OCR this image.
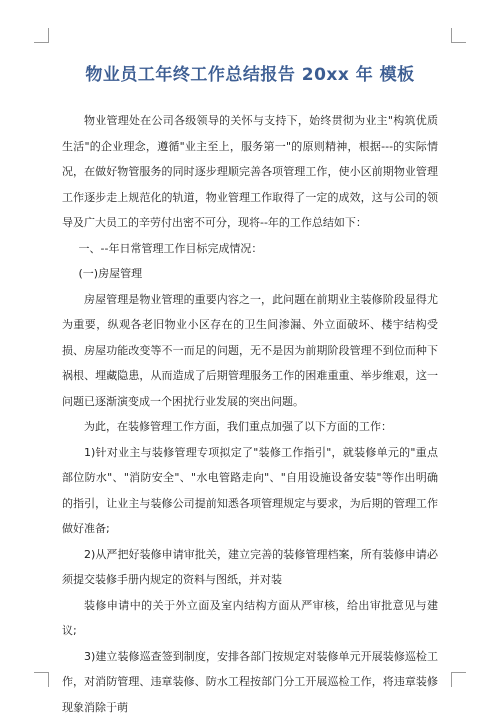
物业员工年终工作总结报告 20xx 年 模板

物业管理处在公司各级领导的关怀与支持下，始终贯彻为业主"构筑优质生活"的企业理念，遵循"业主至上，服务第一"的原则精神，根据---的实际情况，在做好物管服务的同时逐步理顺完善各项管理工作，使小区前期物业管理工作逐步走上规范化的轨道，物业管理工作取得了一定的成效，这与公司的领导及广大员工的辛劳付出密不可分，现将--年的工作总结如下：

一、--年日常管理工作目标完成情况：

(一)房屋管理

房屋管理是物业管理的重要内容之一，此问题在前期业主装修阶段显得尤为重要，纵观各老旧物业小区存在的卫生间渗漏、外立面破坏、楼宇结构受损、房屋功能改变等不一而足的问题，无不是因为前期阶段管理不到位而种下祸根、埋藏隐患，从而造成了后期管理服务工作的困难重重、举步维艰，这一问题已逐渐演变成一个困扰行业发展的突出问题。

为此，在装修管理工作方面，我们重点加强了以下方面的工作：

1)针对业主与装修管理专项拟定了"装修工作指引"，就装修单元的"重点部位防水"、"消防安全"、"水电管路走向"、"自用设施设备安装"等作出明确的指引，让业主与装修公司提前知悉各项管理规定与要求，为后期的管理工作做好准备;

2)从严把好装修申请审批关，建立完善的装修管理档案，所有装修申请必须提交装修手册内规定的资料与图纸，并对装

装修申请中的关于外立面及室内结构方面从严审核，给出审批意见与建议;

3)建立装修巡查签到制度，安排各部门按规定对装修单元开展装修巡检工作，对消防管理、违章装修、防水工程按部门分工开展巡检工作，将违章装修现象消除于萌
